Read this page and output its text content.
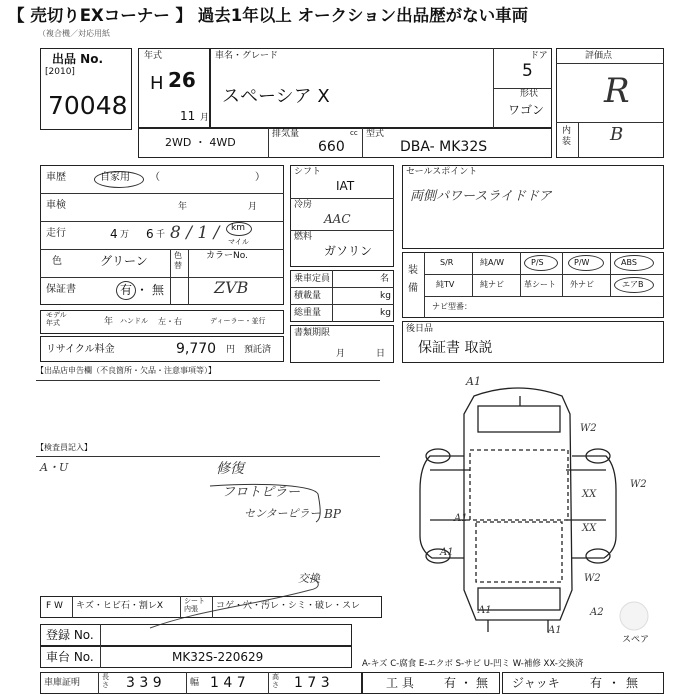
【 売切りEXコーナー 】 過去1年以上 オークション出品歴がない車両
（複合機／対応用紙
出品 No.
[2010]
70048
年式
H 26
11 月
車名・グレード
スペーシア X
ドア
5
形状
ワゴン
評価点
R
内装 B
2WD ・ 4WD
排気量	cc
660
型式
DBA- MK32S
車歴	自家用 （	）
車検	年	月
走行	4 万 6 千 8 / 1 / km
マイル
色	グリーン	色替
カラーNo.
ZVB
保証書	有 ・ 無
モデル年式	年 ハンドル 左・右	ディーラー・並行
リサイクル料金	9,770 円 預託済
シフト
IAT
冷房
AAC
燃料
ガソリン
乗車定員	名
積載量	kg
総重量	kg
書類期限
月	日
セールスポイント
両側パワースライドドア
装備
S/R	純A/W	P/S	P/W	ABS
純TV	純ナビ	革シート 外ナビ	エアB
ナビ型番：
後日品
保証書 取説
【出品店申告欄（不良箇所・欠品・注意事項等）】
【検査員記入】
A・U	修復
フロトピラー
センターピラー BP
交換
A1
W2
W2
XX
A1
XX
A1
W2
A1
A1
A2
スペア
F W キズ・ヒビ石・割レX	シート内張	コゲ・穴・汚レ・シミ・破レ・スレ
登録 No.
車台 No.	MK32S-220629
車庫証明
長さ 3 3 9	幅 1 4 7	高さ 1 7 3
A-キズ C-腐食 E-エクボ S-サビ U-凹ミ W-補修 XX-交換済
工 具	有 ・ 無 ジャッキ	有 ・ 無
